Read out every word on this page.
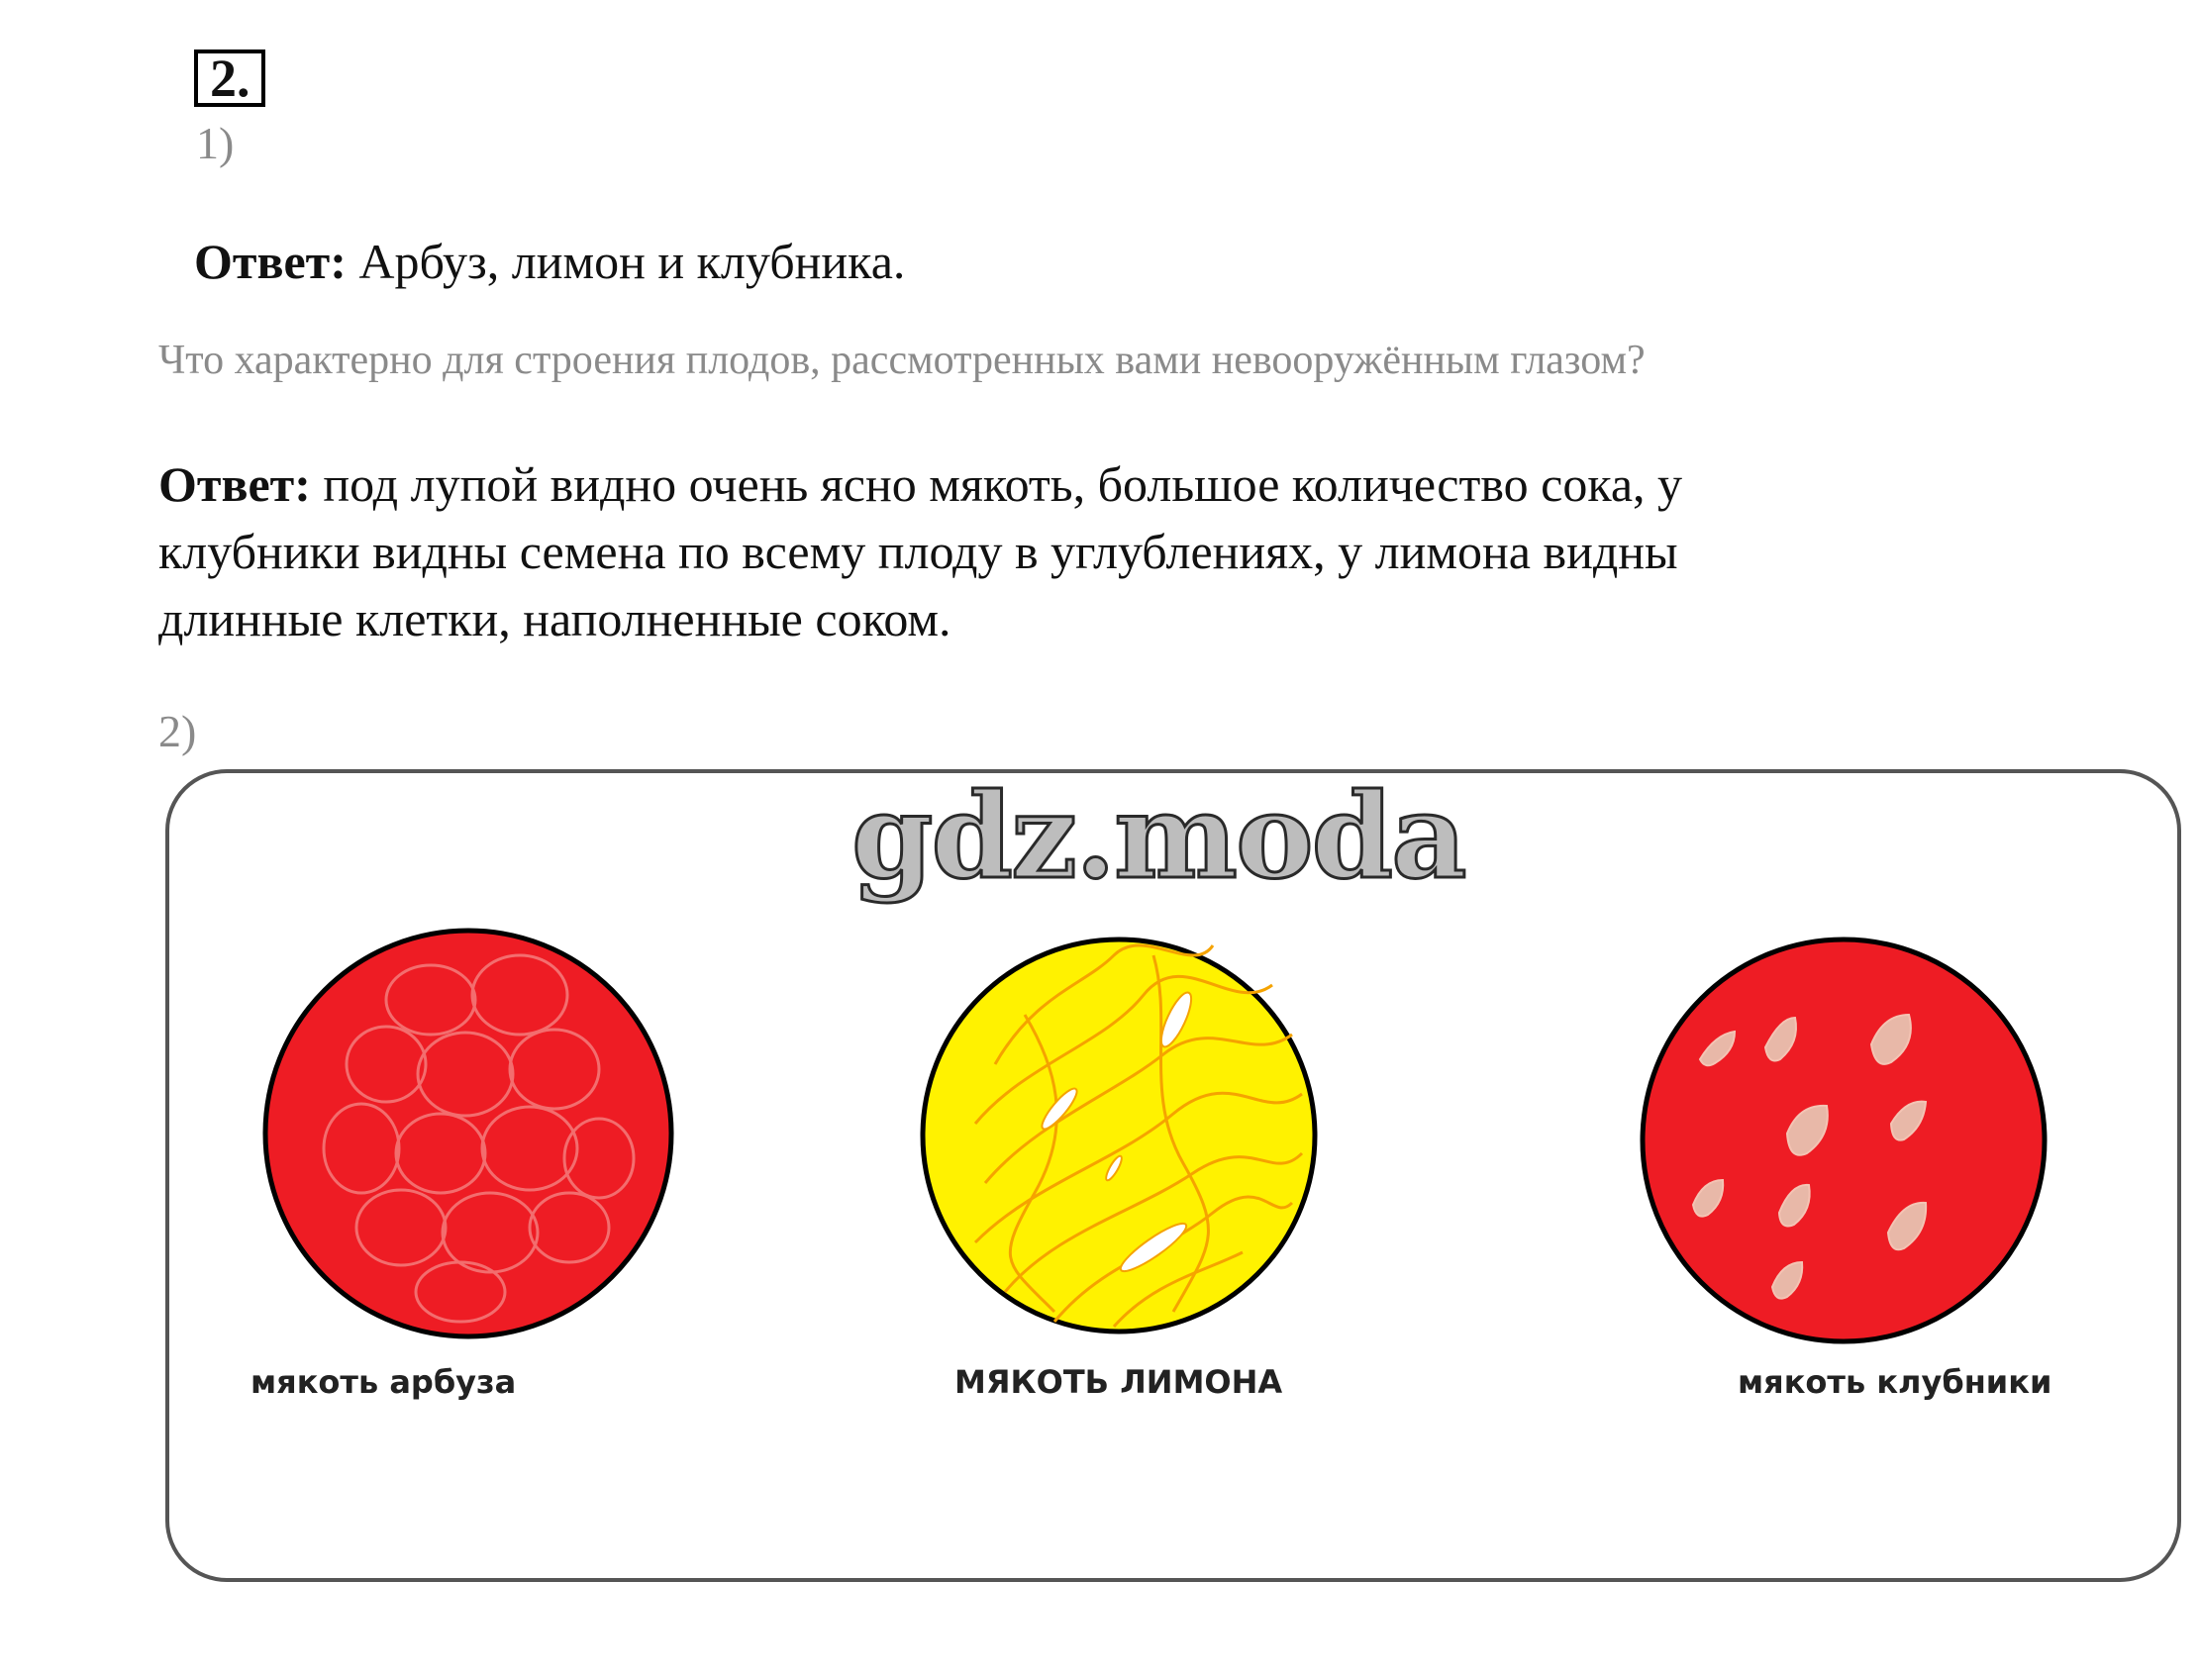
2.
1)
Ответ: Арбуз, лимон и клубника.
Что характерно для строения плодов, рассмотренных вами невооружённым глазом?
Ответ: под лупой видно очень ясно мякоть, большое количество сока, у
клубники видны семена по всему плоду в углублениях, у лимона видны
длинные клетки, наполненные соком.
2)
gdz.moda
мякоть арбуза	МЯКОТЬ ЛИМОНА	мякоть клубники
